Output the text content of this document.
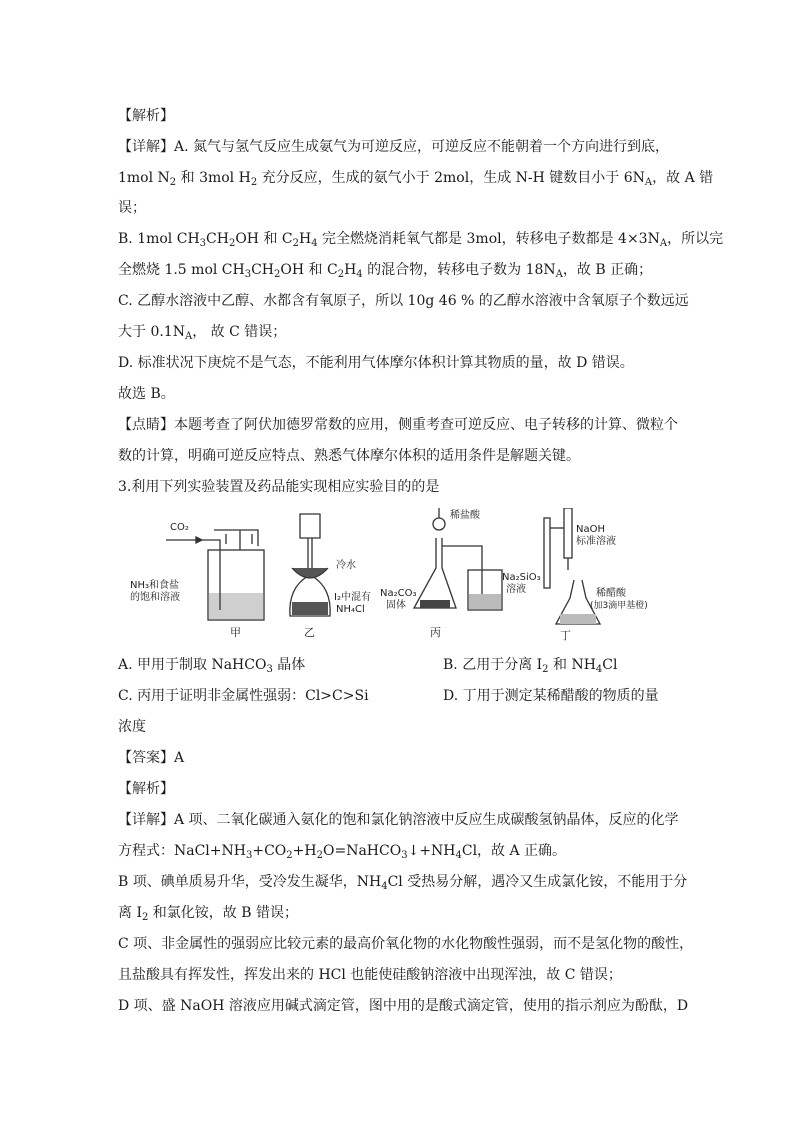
【解析】
【详解】A. 氮气与氢气反应生成氨气为可逆反应，可逆反应不能朝着一个方向进行到底，
1mol $N_2$ 和 3mol $H_2$ 充分反应，生成的氨气小于 2mol，生成 N-H 键数目小于 $6N_A$，故 A 错
误；
B. 1mol $CH_3CH_2OH$ 和 $C_2H_4$ 完全燃烧消耗氧气都是 3mol，转移电子数都是 $4\times 3N_A$，所以完
全燃烧 1.5 mol $CH_3CH_2OH$ 和 $C_2H_4$ 的混合物，转移电子数为 $18N_A$，故 B 正确；
C. 乙醇水溶液中乙醇、水都含有氧原子，所以 10g 46 % 的乙醇水溶液中含氧原子个数远远
大于 $0.1N_A$， 故 C 错误；
D. 标准状况下庚烷不是气态，不能利用气体摩尔体积计算其物质的量，故 D 错误。
故选 B。
【点睛】本题考查了阿伏加德罗常数的应用，侧重考查可逆反应、电子转移的计算、微粒个
数的计算，明确可逆反应特点、熟悉气体摩尔体积的适用条件是解题关键。
3.利用下列实验装置及药品能实现相应实验目的的是
CO₂
NH₃和食盐
的饱和溶液
甲
冷水
I₂中混有
NH₄Cl
乙
稀盐酸
Na₂CO₃
固体
Na₂SiO₃
溶液
丙
NaOH
标准溶液
稀醋酸
(加3滴甲基橙)
丁
A. 甲用于制取 NaHCO$_3$ 晶体	B. 乙用于分离 $I_2$ 和 $NH_4Cl$
C. 丙用于证明非金属性强弱：Cl>C>Si	D. 丁用于测定某稀醋酸的物质的量
浓度
【答案】A
【解析】
【详解】A 项、二氧化碳通入氨化的饱和氯化钠溶液中反应生成碳酸氢钠晶体，反应的化学
方程式：$NaCl+NH_3+CO_2+H_2O=NaHCO_3↓+NH_4Cl$，故 A 正确。
B 项、碘单质易升华，受冷发生凝华，$NH_4Cl$ 受热易分解，遇冷又生成氯化铵，不能用于分
离 $I_2$ 和氯化铵，故 B 错误；
C 项、非金属性的强弱应比较元素的最高价氧化物的水化物酸性强弱，而不是氢化物的酸性，
且盐酸具有挥发性，挥发出来的 HCl 也能使硅酸钠溶液中出现浑浊，故 C 错误；
D 项、盛 NaOH 溶液应用碱式滴定管，图中用的是酸式滴定管，使用的指示剂应为酚酞，D
